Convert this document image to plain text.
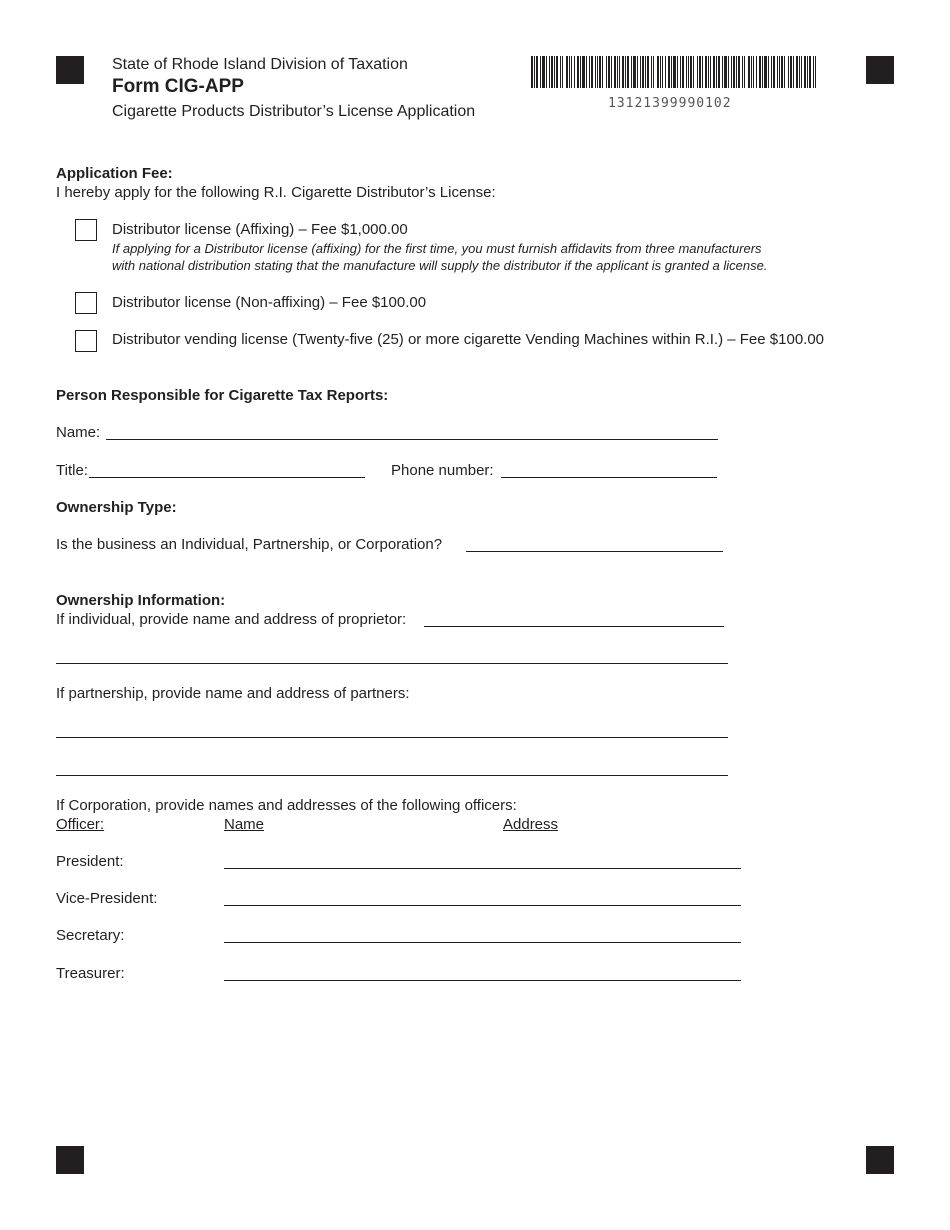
State of Rhode Island Division of Taxation
Form CIG-APP
Cigarette Products Distributor’s License Application	13121399990102
Application Fee:
I hereby apply for the following R.I. Cigarette Distributor’s License:
Distributor license (Affixing) – Fee $1,000.00
If applying for a Distributor license (affixing) for the first time, you must furnish affidavits from three manufacturers
with national distribution stating that the manufacture will supply the distributor if the applicant is granted a license.
Distributor license (Non-affixing) – Fee $100.00
Distributor vending license (Twenty-five (25) or more cigarette Vending Machines within R.I.) – Fee $100.00
Person Responsible for Cigarette Tax Reports:
Name:
Title:	Phone number:
Ownership Type:
Is the business an Individual, Partnership, or Corporation?
Ownership Information:
If individual, provide name and address of proprietor:
If partnership, provide name and address of partners:
If Corporation, provide names and addresses of the following officers:
Officer:	Name	Address
President:
Vice-President:
Secretary:
Treasurer:
